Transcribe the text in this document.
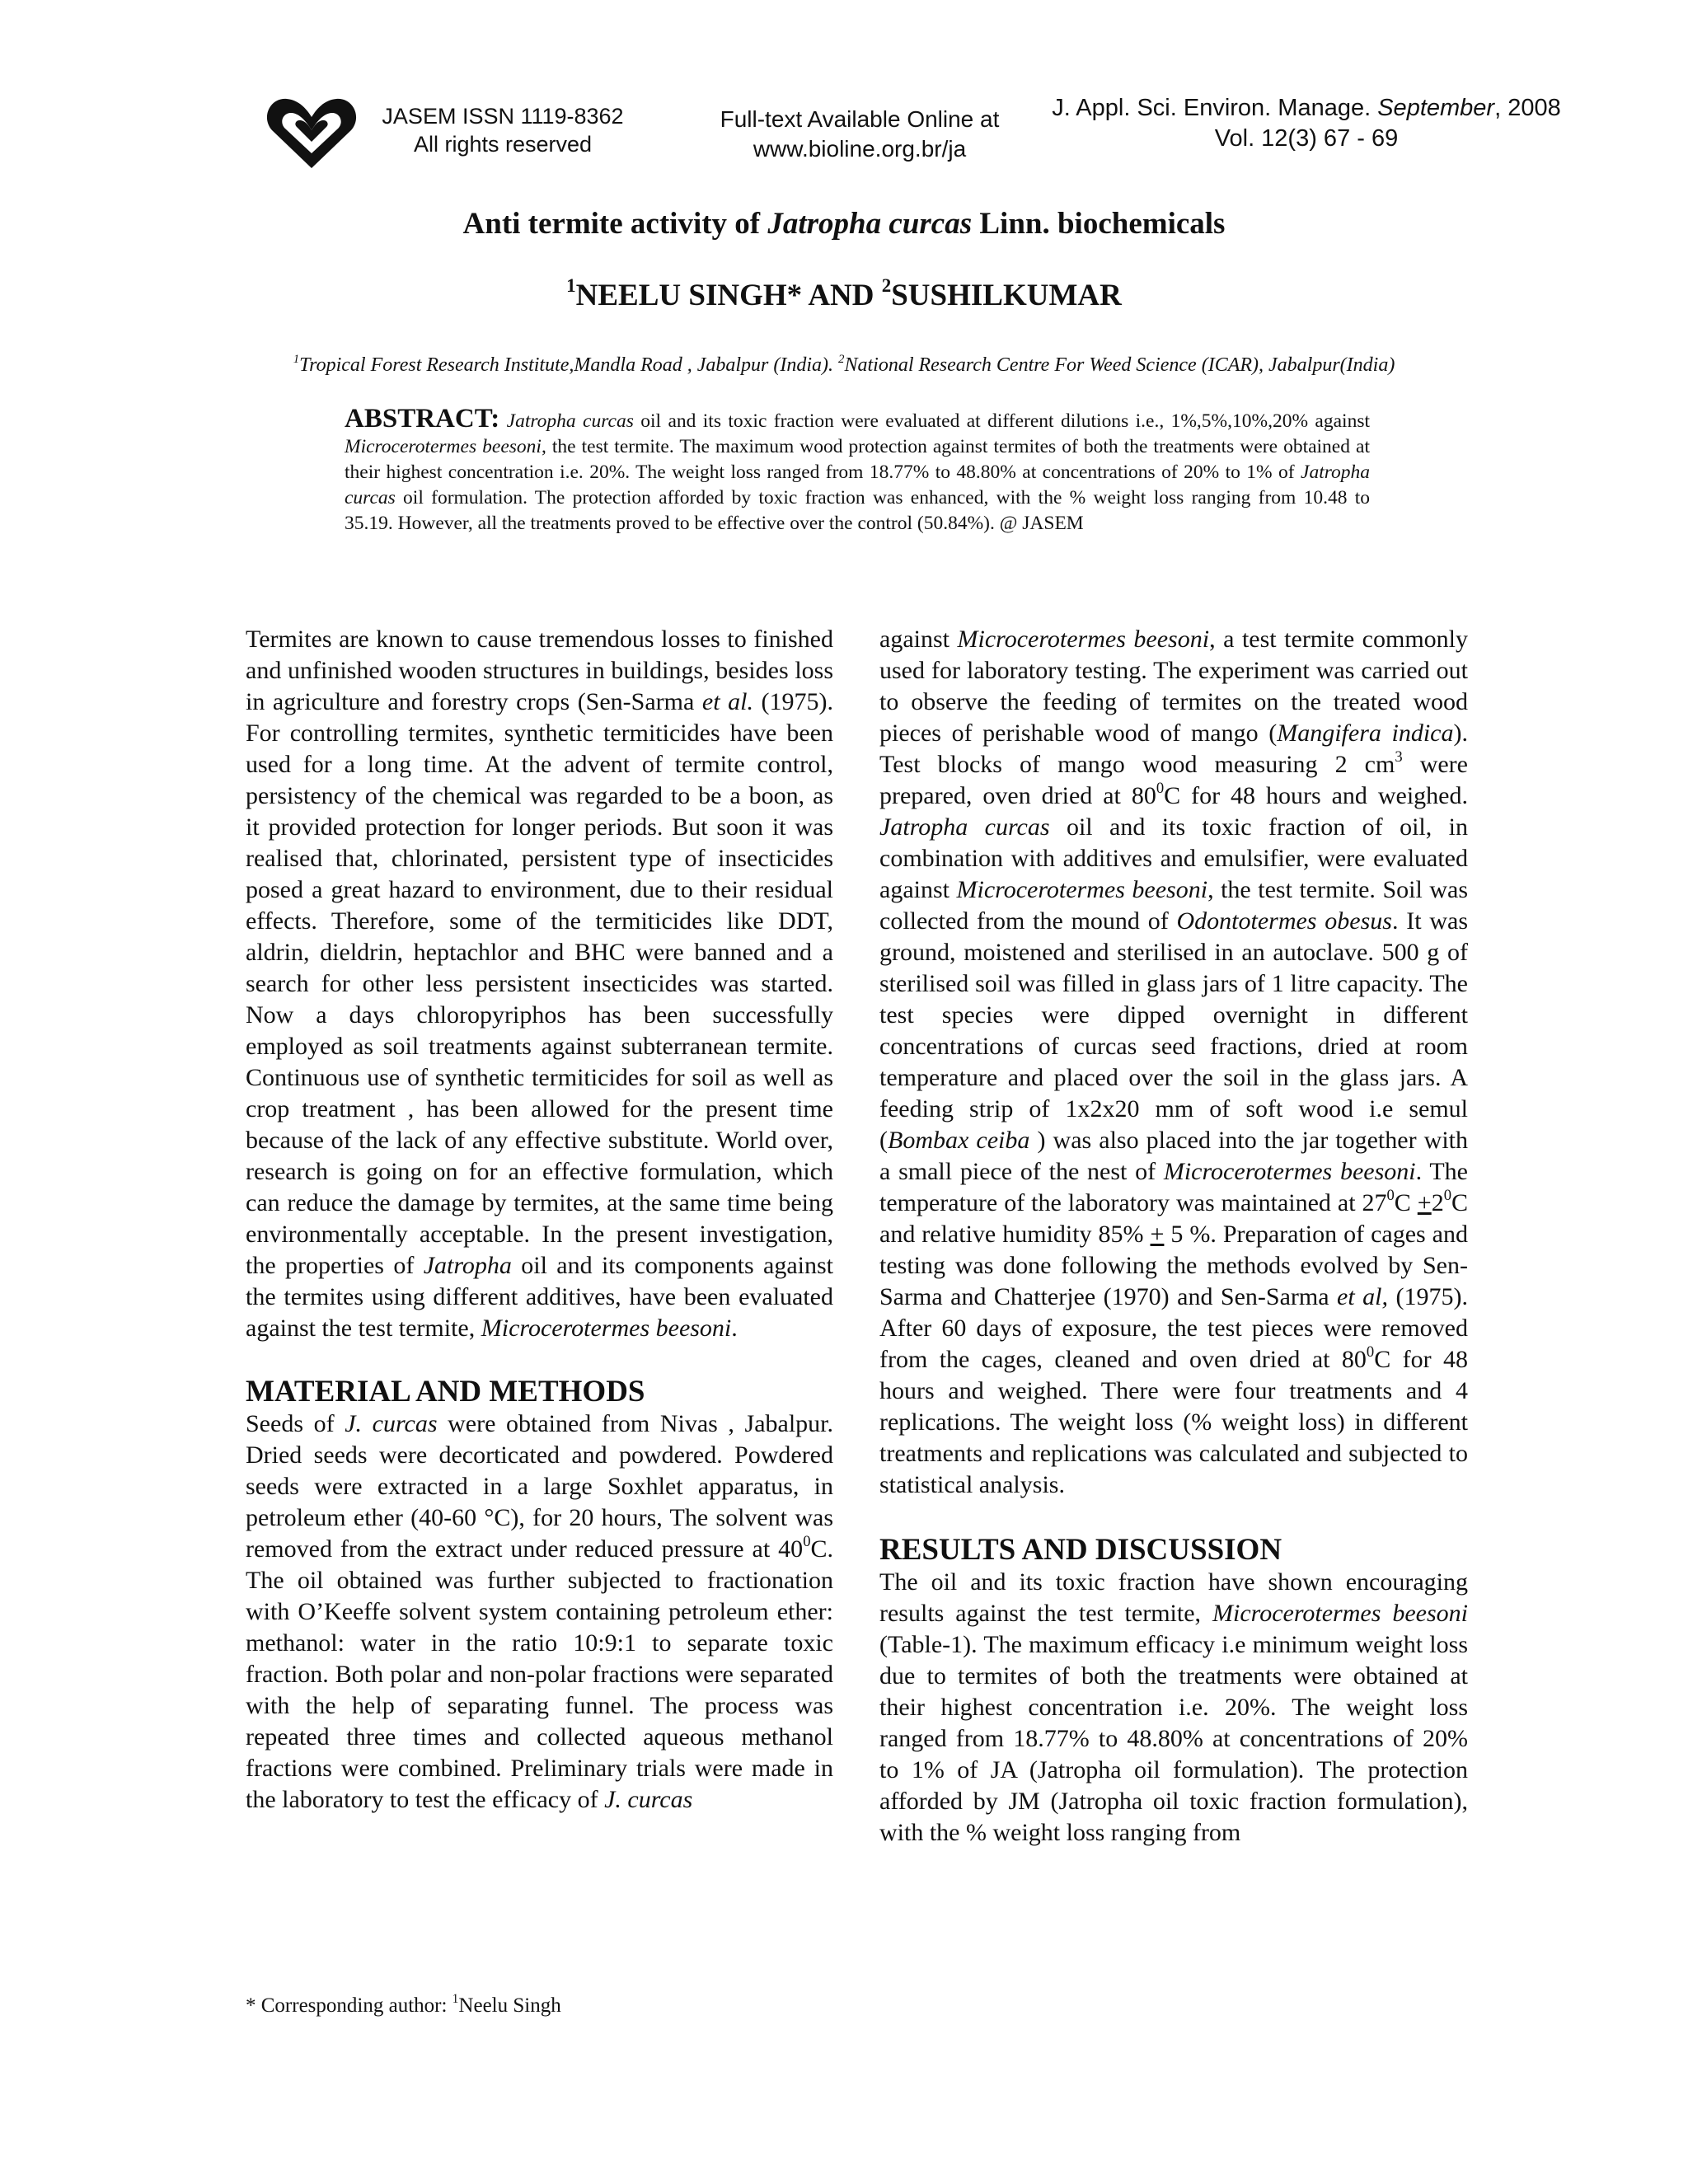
JASEM ISSN 1119-8362
All rights reserved
Full-text Available Online at
www.bioline.org.br/ja
J. Appl. Sci. Environ. Manage. September, 2008
Vol. 12(3) 67 - 69
Anti termite activity of Jatropha curcas Linn. biochemicals
$^1$NEELU SINGH* AND $^2$SUSHILKUMAR
$^1$Tropical Forest Research Institute,Mandla Road , Jabalpur (India). $^2$National Research Centre For Weed Science (ICAR), Jabalpur(India)
ABSTRACT: Jatropha curcas oil and its toxic fraction were evaluated at different dilutions i.e., 1%,5%,10%,20% against Microcerotermes beesoni, the test termite. The maximum wood protection against termites of both the treatments were obtained at their highest concentration i.e. 20%. The weight loss ranged from 18.77% to 48.80% at concentrations of 20% to 1% of Jatropha curcas oil formulation. The protection afforded by toxic fraction was enhanced, with the % weight loss ranging from 10.48 to 35.19. However, all the treatments proved to be effective over the control (50.84%). @ JASEM

Termites are known to cause tremendous losses to finished and unfinished wooden structures in buildings, besides loss in agriculture and forestry crops (Sen-Sarma et al. (1975). For controlling termites, synthetic termiticides have been used for a long time. At the advent of termite control, persistency of the chemical was regarded to be a boon, as it provided protection for longer periods. But soon it was realised that, chlorinated, persistent type of insecticides posed a great hazard to environment, due to their residual effects. Therefore, some of the termiticides like DDT, aldrin, dieldrin, heptachlor and BHC were banned and a search for other less persistent insecticides was started. Now a days chloropyriphos has been successfully employed as soil treatments against subterranean termite. Continuous use of synthetic termiticides for soil as well as crop treatment , has been allowed for the present time because of the lack of any effective substitute. World over, research is going on for an effective formulation, which can reduce the damage by termites, at the same time being environmentally acceptable. In the present investigation, the properties of Jatropha oil and its components against the termites using different additives, have been evaluated against the test termite, Microcerotermes beesoni.

MATERIAL AND METHODS

Seeds of J. curcas were obtained from Nivas , Jabalpur. Dried seeds were decorticated and powdered. Powdered seeds were extracted in a large Soxhlet apparatus, in petroleum ether (40-60 °C), for 20 hours, The solvent was removed from the extract under reduced pressure at $40^0C$. The oil obtained was further subjected to fractionation with O’Keeffe solvent system containing petroleum ether: methanol: water in the ratio 10:9:1 to separate toxic fraction. Both polar and non-polar fractions were separated with the help of separating funnel. The process was repeated three times and collected aqueous methanol fractions were combined. Preliminary trials were made in the laboratory to test the efficacy of J. curcas

against Microcerotermes beesoni, a test termite commonly used for laboratory testing. The experiment was carried out to observe the feeding of termites on the treated wood pieces of perishable wood of mango (Mangifera indica). Test blocks of mango wood measuring 2 $cm^3$ were prepared, oven dried at $80^0C$ for 48 hours and weighed. Jatropha curcas oil and its toxic fraction of oil, in combination with additives and emulsifier, were evaluated against Microcerotermes beesoni, the test termite. Soil was collected from the mound of Odontotermes obesus. It was ground, moistened and sterilised in an autoclave. 500 g of sterilised soil was filled in glass jars of 1 litre capacity. The test species were dipped overnight in different concentrations of curcas seed fractions, dried at room temperature and placed over the soil in the glass jars. A feeding strip of 1x2x20 mm of soft wood i.e semul (Bombax ceiba ) was also placed into the jar together with a small piece of the nest of Microcerotermes beesoni. The temperature of the laboratory was maintained at $27^0C +2^0C$ and relative humidity 85% + 5 %. Preparation of cages and testing was done following the methods evolved by Sen-Sarma and Chatterjee (1970) and Sen-Sarma et al, (1975). After 60 days of exposure, the test pieces were removed from the cages, cleaned and oven dried at $80^0C$ for 48 hours and weighed. There were four treatments and 4 replications. The weight loss (% weight loss) in different treatments and replications was calculated and subjected to statistical analysis.

RESULTS AND DISCUSSION

The oil and its toxic fraction have shown encouraging results against the test termite, Microcerotermes beesoni (Table-1). The maximum efficacy i.e minimum weight loss due to termites of both the treatments were obtained at their highest concentration i.e. 20%. The weight loss ranged from 18.77% to 48.80% at concentrations of 20% to 1% of JA (Jatropha oil formulation). The protection afforded by JM (Jatropha oil toxic fraction formulation), with the % weight loss ranging from

* Corresponding author: $^1$Neelu Singh
